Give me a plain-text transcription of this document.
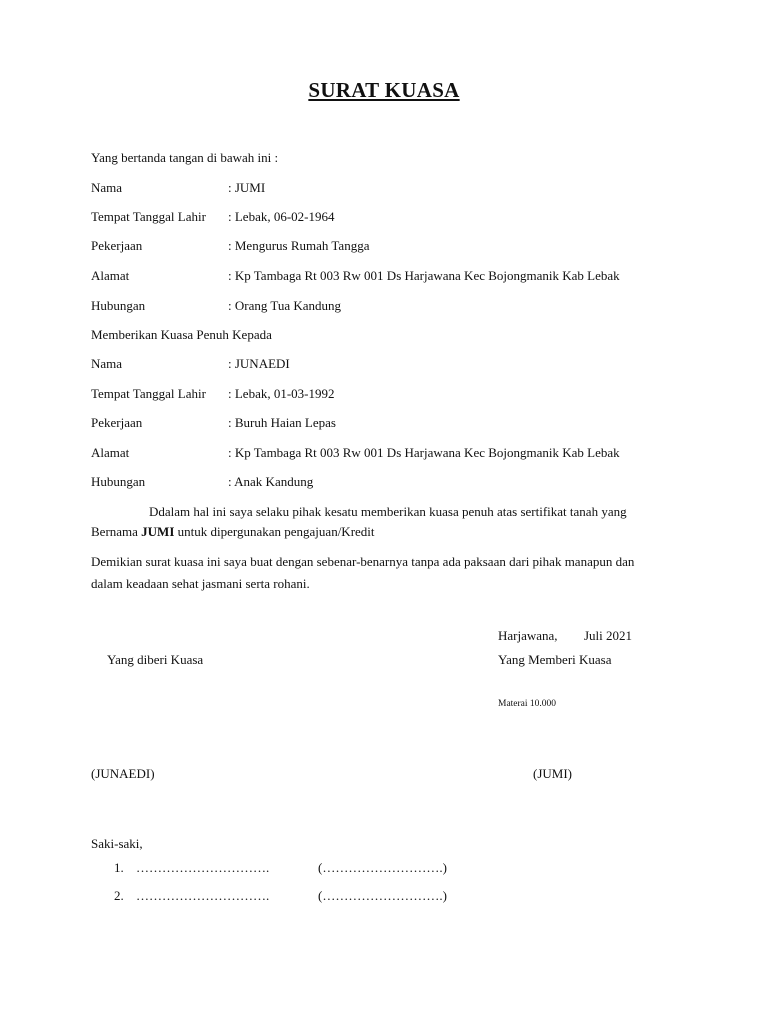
SURAT KUASA
Yang bertanda tangan di bawah ini :
Nama	: JUMI
Tempat Tanggal Lahir : Lebak, 06-02-1964
Pekerjaan	: Mengurus Rumah Tangga
Alamat	: Kp Tambaga Rt 003 Rw 001 Ds Harjawana Kec Bojongmanik Kab Lebak
Hubungan	: Orang Tua Kandung
Memberikan Kuasa Penuh Kepada
Nama	: JUNAEDI
Tempat Tanggal Lahir : Lebak, 01-03-1992
Pekerjaan	: Buruh Haian Lepas
Alamat	: Kp Tambaga Rt 003 Rw 001 Ds Harjawana Kec Bojongmanik Kab Lebak
Hubungan	: Anak Kandung
Ddalam hal ini saya selaku pihak kesatu memberikan kuasa penuh atas sertifikat tanah yang
Bernama JUMI untuk dipergunakan pengajuan/Kredit
Demikian surat kuasa ini saya buat dengan sebenar-benarnya tanpa ada paksaan dari pihak manapun dan
dalam keadaan sehat jasmani serta rohani.
Harjawana, Juli 2021
Yang diberi Kuasa	Yang Memberi Kuasa
Materai 10.000
(JUNAEDI)	(JUMI)
Saki-saki,
1. ………………………….	(……………………….)
2. ………………………….	(……………………….)
